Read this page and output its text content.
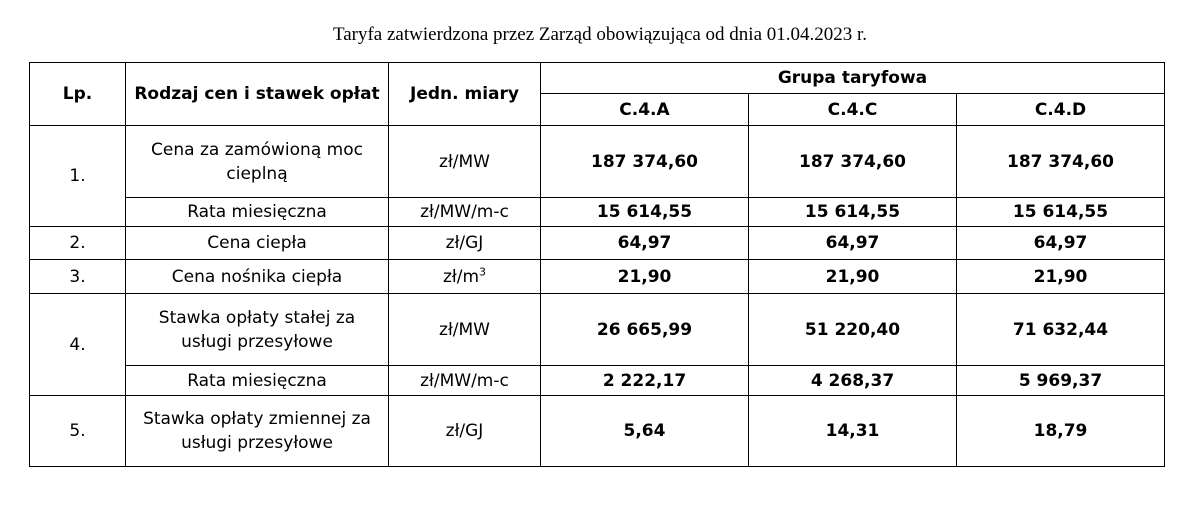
Taryfa zatwierdzona przez Zarząd obowiązująca od dnia 01.04.2023 r.
Lp.	Rodzaj cen i stawek opłat	Jedn. miary	Grupa taryfowa		
			C.4.A	C.4.C	C.4.D
1.	Cena za zamówioną moc cieplną	zł/MW	187 374,60	187 374,60	187 374,60
	Rata miesięczna	zł/MW/m-c	15 614,55	15 614,55	15 614,55
2.	Cena ciepła	zł/GJ	64,97	64,97	64,97
3.	Cena nośnika ciepła	$zł/m^3$	21,90	21,90	21,90
4.	Stawka opłaty stałej za usługi przesyłowe	zł/MW	26 665,99	51 220,40	71 632,44
	Rata miesięczna	zł/MW/m-c	2 222,17	4 268,37	5 969,37
5.	Stawka opłaty zmiennej za usługi przesyłowe	zł/GJ	5,64	14,31	18,79
